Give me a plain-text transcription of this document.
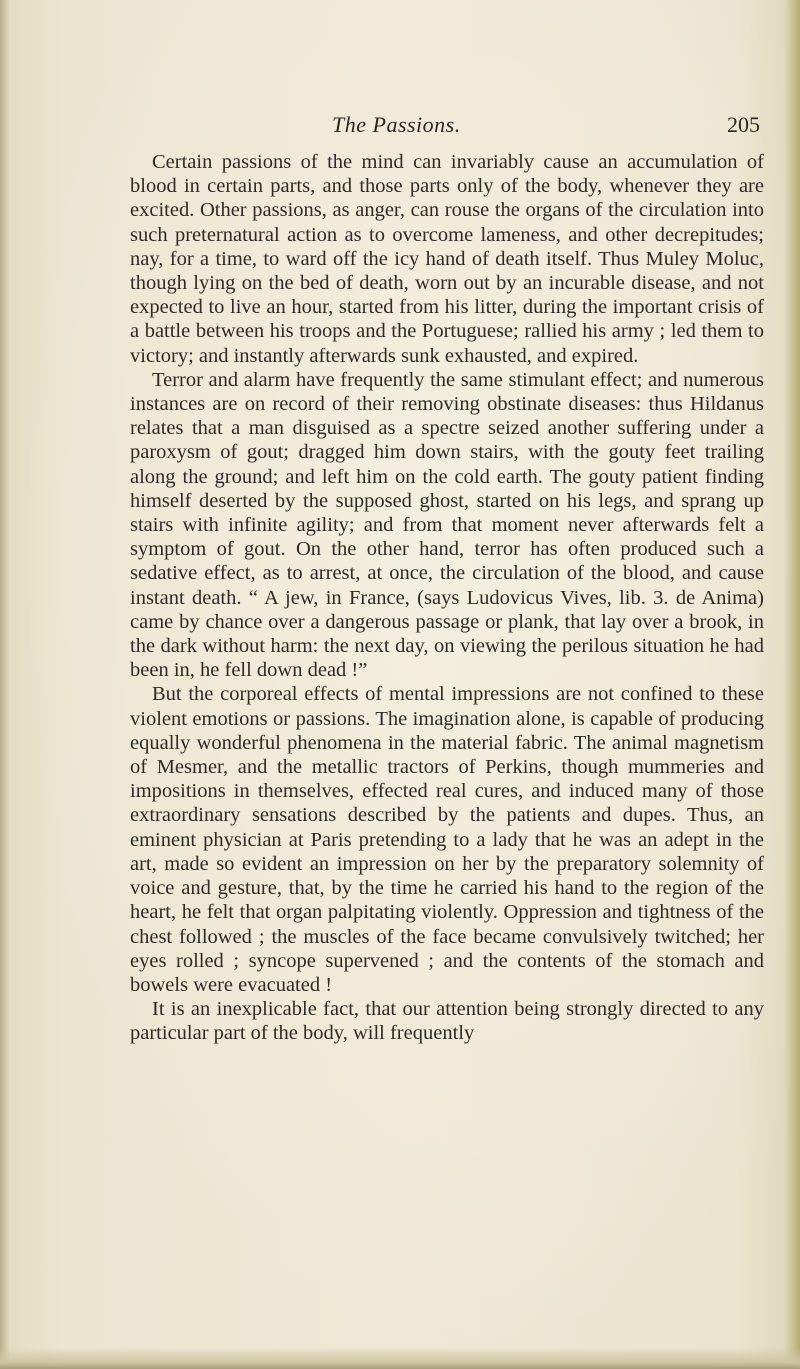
The Passions.	205

Certain passions of the mind can invariably cause an accumulation of blood in certain parts, and those parts only of the body, whenever they are excited. Other passions, as anger, can rouse the organs of the circulation into such preternatural action as to overcome lameness, and other decrepitudes; nay, for a time, to ward off the icy hand of death itself. Thus Muley Moluc, though lying on the bed of death, worn out by an incurable disease, and not expected to live an hour, started from his litter, during the important crisis of a battle between his troops and the Portuguese; rallied his army ; led them to victory; and instantly afterwards sunk exhausted, and expired.

Terror and alarm have frequently the same stimulant effect; and numerous instances are on record of their removing obstinate diseases: thus Hildanus relates that a man disguised as a spectre seized another suffering under a paroxysm of gout; dragged him down stairs, with the gouty feet trailing along the ground; and left him on the cold earth. The gouty patient finding himself deserted by the supposed ghost, started on his legs, and sprang up stairs with infinite agility; and from that moment never afterwards felt a symptom of gout. On the other hand, terror has often produced such a sedative effect, as to arrest, at once, the circulation of the blood, and cause instant death. “ A jew, in France, (says Ludovicus Vives, lib. 3. de Anima) came by chance over a dangerous passage or plank, that lay over a brook, in the dark without harm: the next day, on viewing the perilous situation he had been in, he fell down dead !”

But the corporeal effects of mental impressions are not confined to these violent emotions or passions. The imagination alone, is capable of producing equally wonderful phenomena in the material fabric. The animal magnetism of Mesmer, and the metallic tractors of Perkins, though mummeries and impositions in themselves, effected real cures, and induced many of those extraordinary sensations described by the patients and dupes. Thus, an eminent physician at Paris pretending to a lady that he was an adept in the art, made so evident an impression on her by the preparatory solemnity of voice and gesture, that, by the time he carried his hand to the region of the heart, he felt that organ palpitating violently. Oppression and tightness of the chest followed ; the muscles of the face became convulsively twitched; her eyes rolled ; syncope supervened ; and the contents of the stomach and bowels were evacuated !

It is an inexplicable fact, that our attention being strongly directed to any particular part of the body, will frequently
